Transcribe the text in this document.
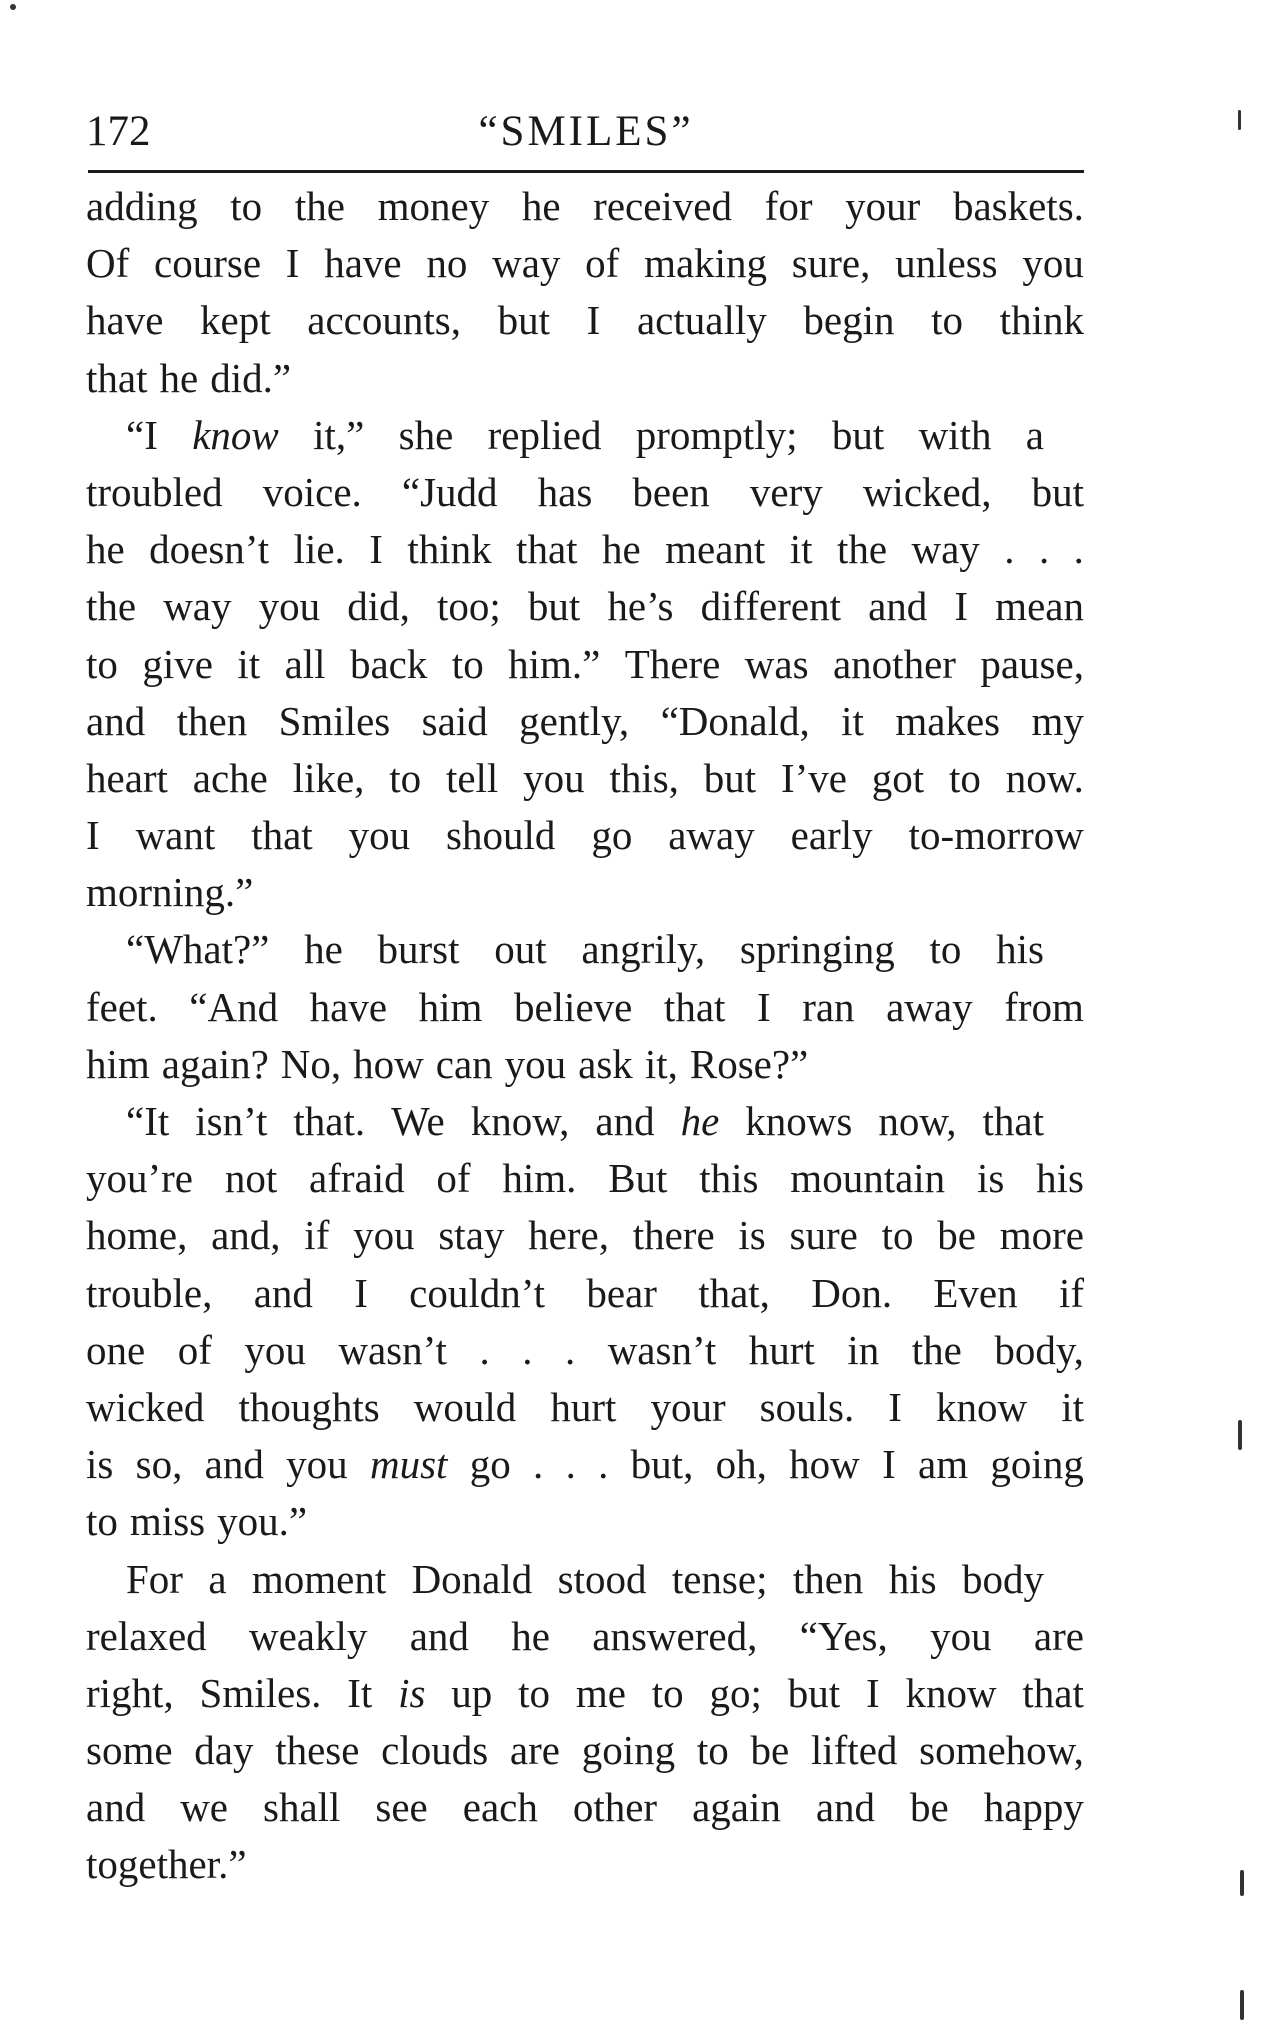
172	“SMILES”
adding to the money he received for your baskets.
Of course I have no way of making sure, unless you
have kept accounts, but I actually begin to think
that he did.”
“I know it,” she replied promptly; but with a
troubled voice. “Judd has been very wicked, but
he doesn’t lie. I think that he meant it the way . . .
the way you did, too; but he’s different and I mean
to give it all back to him.” There was another pause,
and then Smiles said gently, “Donald, it makes my
heart ache like, to tell you this, but I’ve got to now.
I want that you should go away early to-morrow
morning.”
“What?” he burst out angrily, springing to his
feet. “And have him believe that I ran away from
him again? No, how can you ask it, Rose?”
“It isn’t that. We know, and he knows now, that
you’re not afraid of him. But this mountain is his
home, and, if you stay here, there is sure to be more
trouble, and I couldn’t bear that, Don. Even if
one of you wasn’t . . . wasn’t hurt in the body,
wicked thoughts would hurt your souls. I know it
is so, and you must go . . . but, oh, how I am going
to miss you.”
For a moment Donald stood tense; then his body
relaxed weakly and he answered, “Yes, you are
right, Smiles. It is up to me to go; but I know that
some day these clouds are going to be lifted somehow,
and we shall see each other again and be happy
together.”
